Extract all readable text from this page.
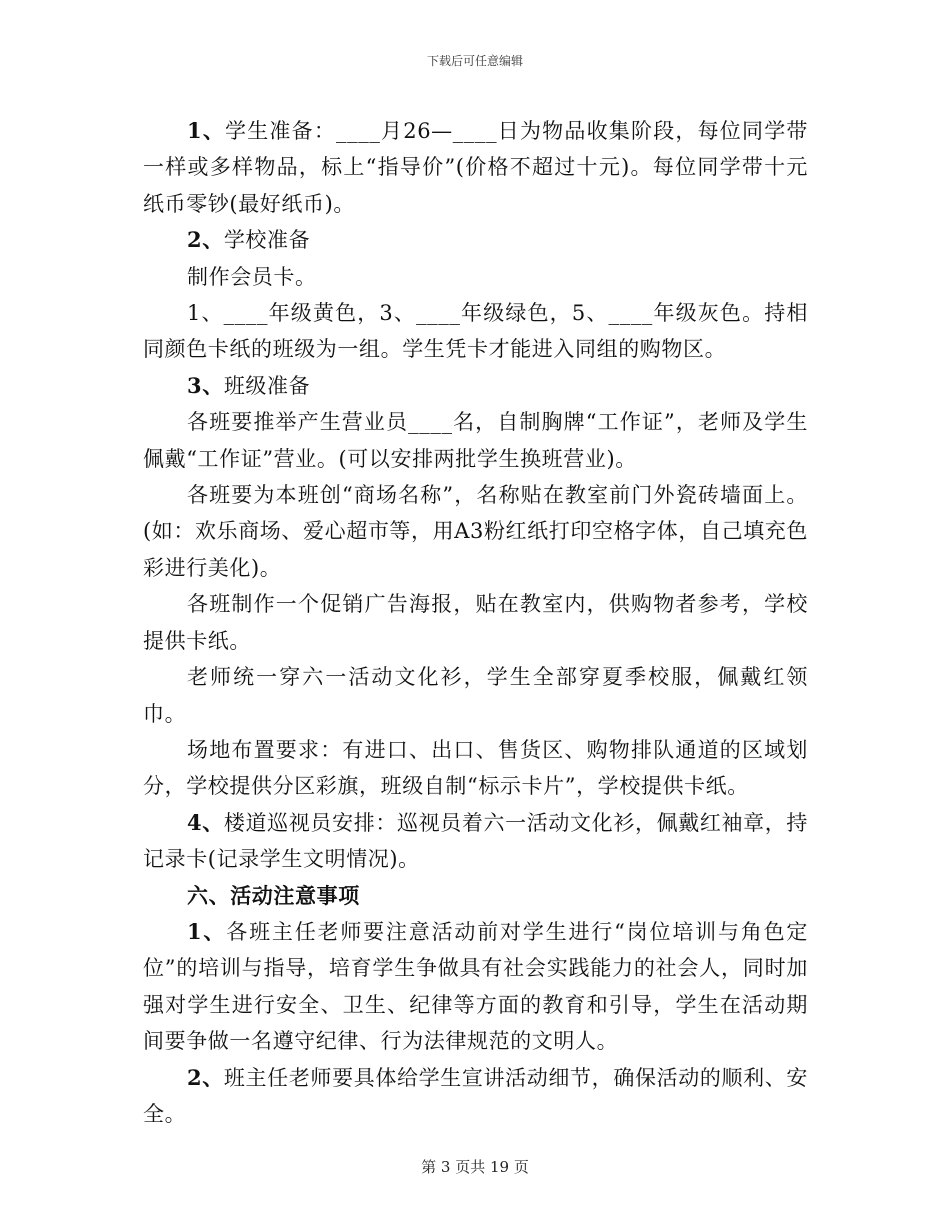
下载后可任意编辑

1、学生准备：____月26—____日为物品收集阶段，每位同学带一样或多样物品，标上“指导价”(价格不超过十元)。每位同学带十元纸币零钞(最好纸币)。

2、学校准备

制作会员卡。

1、____年级黄色，3、____年级绿色，5、____年级灰色。持相同颜色卡纸的班级为一组。学生凭卡才能进入同组的购物区。

3、班级准备

各班要推举产生营业员____名，自制胸牌“工作证”，老师及学生佩戴“工作证”营业。(可以安排两批学生换班营业)。

各班要为本班创“商场名称”，名称贴在教室前门外瓷砖墙面上。(如：欢乐商场、爱心超市等，用A3粉红纸打印空格字体，自己填充色彩进行美化)。

各班制作一个促销广告海报，贴在教室内，供购物者参考，学校提供卡纸。

老师统一穿六一活动文化衫，学生全部穿夏季校服，佩戴红领巾。

场地布置要求：有进口、出口、售货区、购物排队通道的区域划分，学校提供分区彩旗，班级自制“标示卡片”，学校提供卡纸。

4、楼道巡视员安排：巡视员着六一活动文化衫，佩戴红袖章，持记录卡(记录学生文明情况)。

六、活动注意事项

1、各班主任老师要注意活动前对学生进行“岗位培训与角色定位”的培训与指导，培育学生争做具有社会实践能力的社会人，同时加强对学生进行安全、卫生、纪律等方面的教育和引导，学生在活动期间要争做一名遵守纪律、行为法律规范的文明人。

2、班主任老师要具体给学生宣讲活动细节，确保活动的顺利、安全。

第 3 页共 19 页
